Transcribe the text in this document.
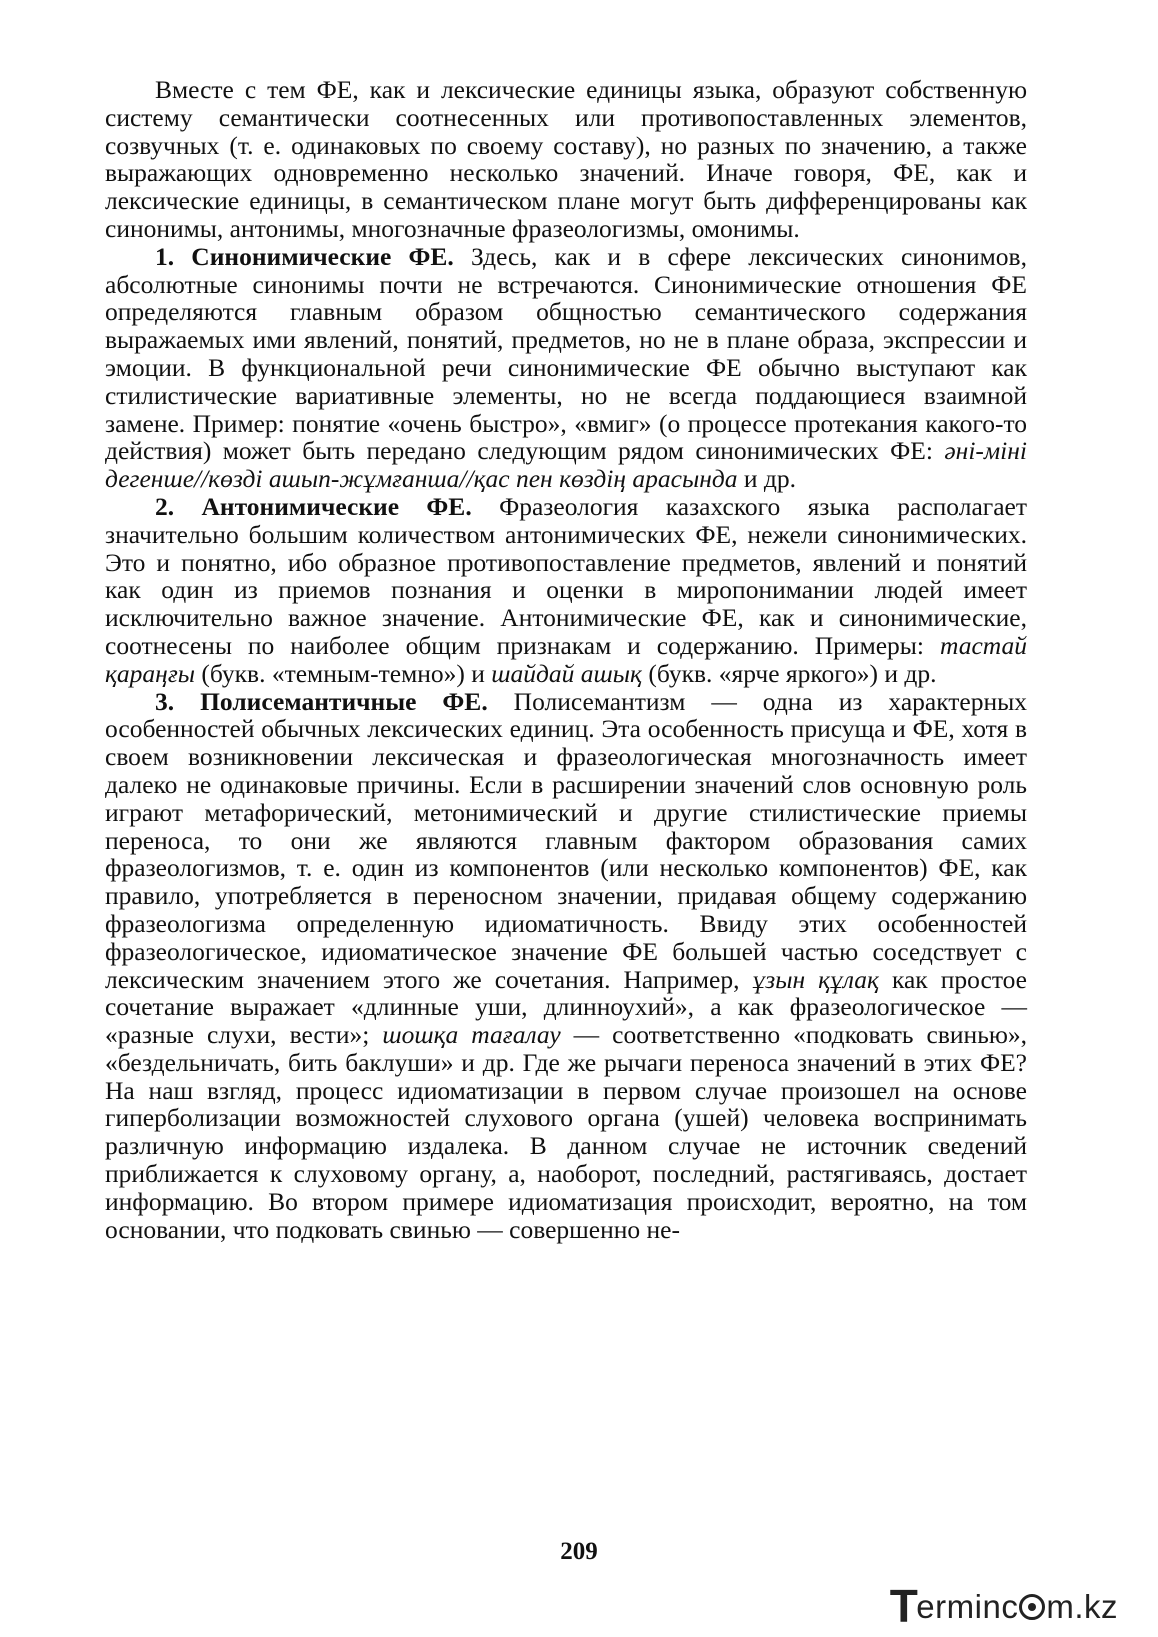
Вместе с тем ФЕ, как и лексические единицы языка, образуют собственную систему семантически соотнесенных или противопоставленных элементов, созвучных (т. е. одинаковых по своему составу), но разных по значению, а также выражающих одновременно несколько значений. Иначе говоря, ФЕ, как и лексические единицы, в семантическом плане могут быть дифференцированы как синонимы, антонимы, многозначные фразеологизмы, омонимы.

1. Синонимические ФЕ. Здесь, как и в сфере лексических синонимов, абсолютные синонимы почти не встречаются. Синонимические отношения ФЕ определяются главным образом общностью семантического содержания выражаемых ими явлений, понятий, предметов, но не в плане образа, экспрессии и эмоции. В функциональной речи синонимические ФЕ обычно выступают как стилистические вариативные элементы, но не всегда поддающиеся взаимной замене. Пример: понятие «очень быстро», «вмиг» (о процессе протекания какого-то действия) может быть передано следующим рядом синонимических ФЕ: әні-міні дегенше//көзді ашып-жұмғанша//қас пен көздің арасында и др.

2. Антонимические ФЕ. Фразеология казахского языка располагает значительно большим количеством антонимических ФЕ, нежели синонимических. Это и понятно, ибо образное противопоставление предметов, явлений и понятий как один из приемов познания и оценки в миропонимании людей имеет исключительно важное значение. Антонимические ФЕ, как и синонимические, соотнесены по наиболее общим признакам и содержанию. Примеры: тастай қараңғы (букв. «темным-темно») и шайдай ашық (букв. «ярче яркого») и др.

3. Полисемантичные ФЕ. Полисемантизм — одна из характерных особенностей обычных лексических единиц. Эта особенность присуща и ФЕ, хотя в своем возникновении лексическая и фразеологическая многозначность имеет далеко не одинаковые причины. Если в расширении значений слов основную роль играют метафорический, метонимический и другие стилистические приемы переноса, то они же являются главным фактором образования самих фразеологизмов, т. е. один из компонентов (или несколько компонентов) ФЕ, как правило, употребляется в переносном значении, придавая общему содержанию фразеологизма определенную идиоматичность. Ввиду этих особенностей фразеологическое, идиоматическое значение ФЕ большей частью соседствует с лексическим значением этого же сочетания. Например, ұзын құлақ как простое сочетание выражает «длинные уши, длинноухий», а как фразеологическое — «разные слухи, вести»; шошқа тағалау — соответственно «подковать свинью», «бездельничать, бить баклуши» и др. Где же рычаги переноса значений в этих ФЕ? На наш взгляд, процесс идиоматизации в первом случае произошел на основе гиперболизации возможностей слухового органа (ушей) человека воспринимать различную информацию издалека. В данном случае не источник сведений приближается к слуховому органу, а, наоборот, последний, растягиваясь, достает информацию. Во втором примере идиоматизация происходит, вероятно, на том основании, что подковать свинью — совершенно не-

209
Terminc m.kz
